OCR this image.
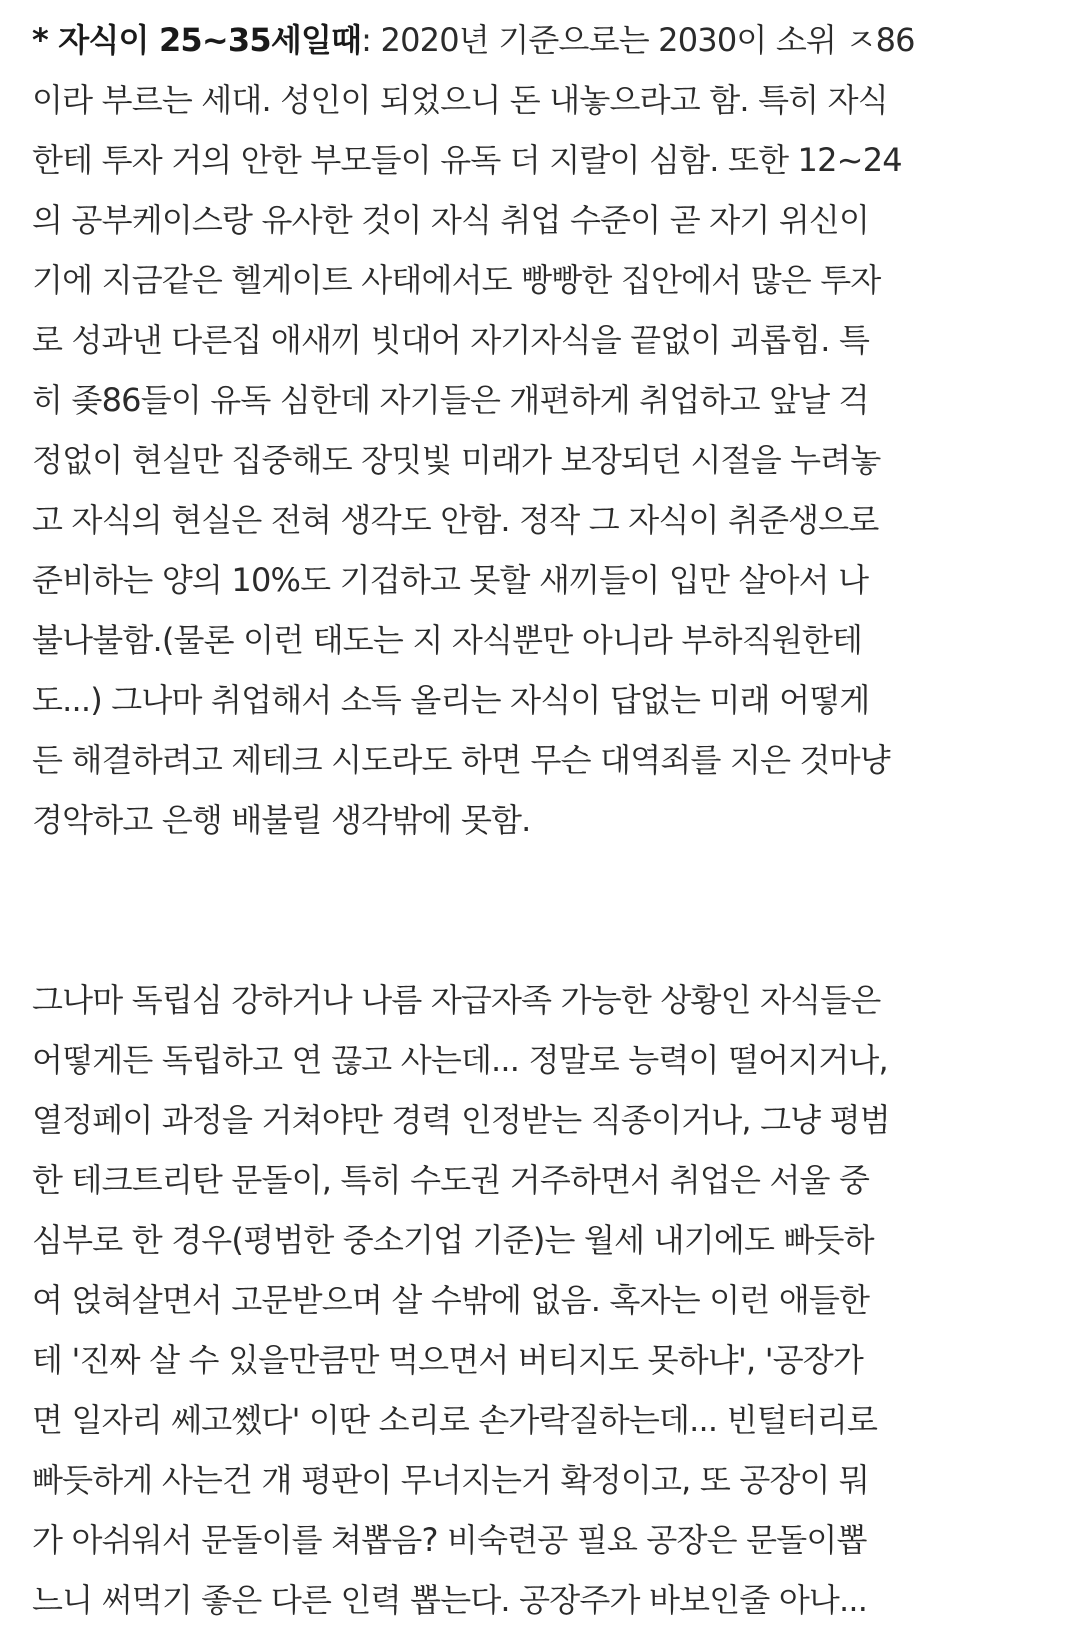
* 자식이 25~35세일때: 2020년 기준으로는 2030이 소위 ㅈ86
이라 부르는 세대. 성인이 되었으니 돈 내놓으라고 함. 특히 자식
한테 투자 거의 안한 부모들이 유독 더 지랄이 심함. 또한 12~24
의 공부케이스랑 유사한 것이 자식 취업 수준이 곧 자기 위신이
기에 지금같은 헬게이트 사태에서도 빵빵한 집안에서 많은 투자
로 성과낸 다른집 애새끼 빗대어 자기자식을 끝없이 괴롭힘. 특
히 좆86들이 유독 심한데 자기들은 개편하게 취업하고 앞날 걱
정없이 현실만 집중해도 장밋빛 미래가 보장되던 시절을 누려놓
고 자식의 현실은 전혀 생각도 안함. 정작 그 자식이 취준생으로
준비하는 양의 10%도 기겁하고 못할 새끼들이 입만 살아서 나
불나불함.(물론 이런 태도는 지 자식뿐만 아니라 부하직원한테
도...) 그나마 취업해서 소득 올리는 자식이 답없는 미래 어떻게
든 해결하려고 제테크 시도라도 하면 무슨 대역죄를 지은 것마냥
경악하고 은행 배불릴 생각밖에 못함.
그나마 독립심 강하거나 나름 자급자족 가능한 상황인 자식들은
어떻게든 독립하고 연 끊고 사는데... 정말로 능력이 떨어지거나,
열정페이 과정을 거쳐야만 경력 인정받는 직종이거나, 그냥 평범
한 테크트리탄 문돌이, 특히 수도권 거주하면서 취업은 서울 중
심부로 한 경우(평범한 중소기업 기준)는 월세 내기에도 빠듯하
여 얹혀살면서 고문받으며 살 수밖에 없음. 혹자는 이런 애들한
테 '진짜 살 수 있을만큼만 먹으면서 버티지도 못하냐', '공장가
면 일자리 쎄고쎘다' 이딴 소리로 손가락질하는데... 빈털터리로
빠듯하게 사는건 걔 평판이 무너지는거 확정이고, 또 공장이 뭐
가 아쉬워서 문돌이를 쳐뽑음? 비숙련공 필요 공장은 문돌이뽑
느니 써먹기 좋은 다른 인력 뽑는다. 공장주가 바보인줄 아나...
